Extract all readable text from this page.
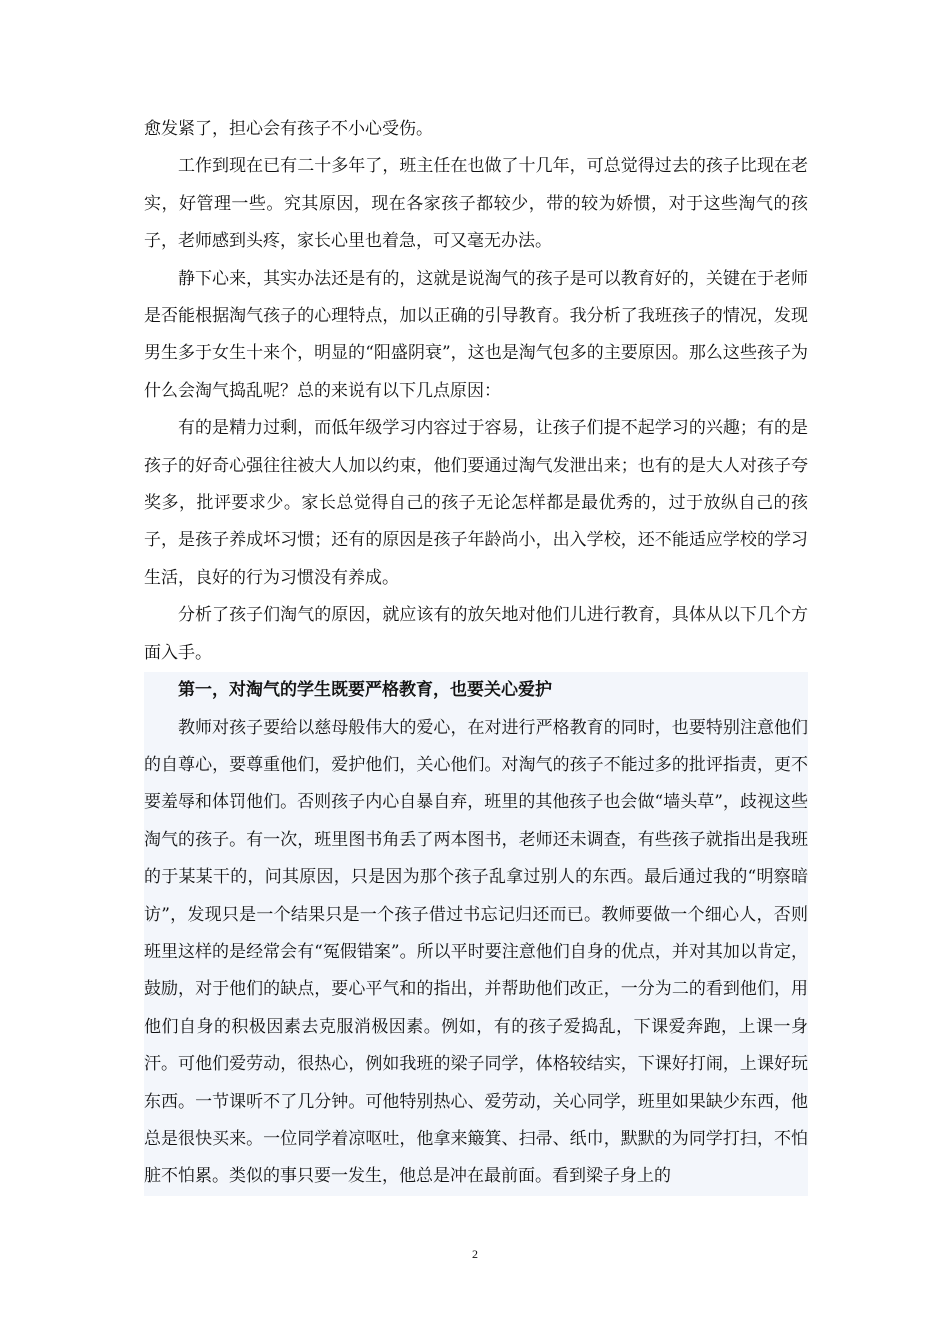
愈发紧了，担心会有孩子不小心受伤。

工作到现在已有二十多年了，班主任在也做了十几年，可总觉得过去的孩子比现在老实，好管理一些。究其原因，现在各家孩子都较少，带的较为娇惯，对于这些淘气的孩子，老师感到头疼，家长心里也着急，可又毫无办法。

静下心来，其实办法还是有的，这就是说淘气的孩子是可以教育好的，关键在于老师是否能根据淘气孩子的心理特点，加以正确的引导教育。我分析了我班孩子的情况，发现男生多于女生十来个，明显的“阳盛阴衰”，这也是淘气包多的主要原因。那么这些孩子为什么会淘气捣乱呢？总的来说有以下几点原因：

有的是精力过剩，而低年级学习内容过于容易，让孩子们提不起学习的兴趣；有的是孩子的好奇心强往往被大人加以约束，他们要通过淘气发泄出来；也有的是大人对孩子夸奖多，批评要求少。家长总觉得自己的孩子无论怎样都是最优秀的，过于放纵自己的孩子，是孩子养成坏习惯；还有的原因是孩子年龄尚小，出入学校，还不能适应学校的学习生活，良好的行为习惯没有养成。

分析了孩子们淘气的原因，就应该有的放矢地对他们儿进行教育，具体从以下几个方面入手。

第一，对淘气的学生既要严格教育，也要关心爱护

教师对孩子要给以慈母般伟大的爱心，在对进行严格教育的同时，也要特别注意他们的自尊心，要尊重他们，爱护他们，关心他们。对淘气的孩子不能过多的批评指责，更不要羞辱和体罚他们。否则孩子内心自暴自弃，班里的其他孩子也会做“墙头草”，歧视这些淘气的孩子。有一次，班里图书角丢了两本图书，老师还未调查，有些孩子就指出是我班的于某某干的，问其原因，只是因为那个孩子乱拿过别人的东西。最后通过我的“明察暗访”，发现只是一个结果只是一个孩子借过书忘记归还而已。教师要做一个细心人，否则班里这样的是经常会有“冤假错案”。所以平时要注意他们自身的优点，并对其加以肯定，鼓励，对于他们的缺点，要心平气和的指出，并帮助他们改正，一分为二的看到他们，用他们自身的积极因素去克服消极因素。例如，有的孩子爱捣乱，下课爱奔跑，上课一身汗。可他们爱劳动，很热心，例如我班的梁子同学，体格较结实，下课好打闹，上课好玩东西。一节课听不了几分钟。可他特别热心、爱劳动，关心同学，班里如果缺少东西，他总是很快买来。一位同学着凉呕吐，他拿来簸箕、扫帚、纸巾，默默的为同学打扫，不怕脏不怕累。类似的事只要一发生，他总是冲在最前面。看到梁子身上的

2
